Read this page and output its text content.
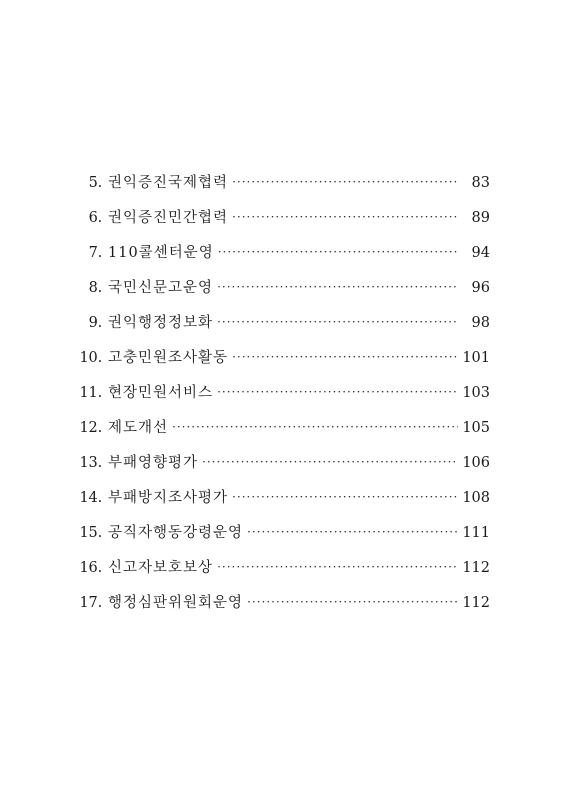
5. 권익증진국제협력 ·····	83
6. 권익증진민간협력 ·····	89
7. 110콜센터운영 ·····	94
8. 국민신문고운영 ·····	96
9. 권익행정정보화 ·····	98
10. 고충민원조사활동 ·····	101
11. 현장민원서비스 ·····	103
12. 제도개선 ·····	105
13. 부패영향평가 ·····	106
14. 부패방지조사평가 ·····	108
15. 공직자행동강령운영 ·····	111
16. 신고자보호보상 ·····	112
17. 행정심판위원회운영 ·····	112
